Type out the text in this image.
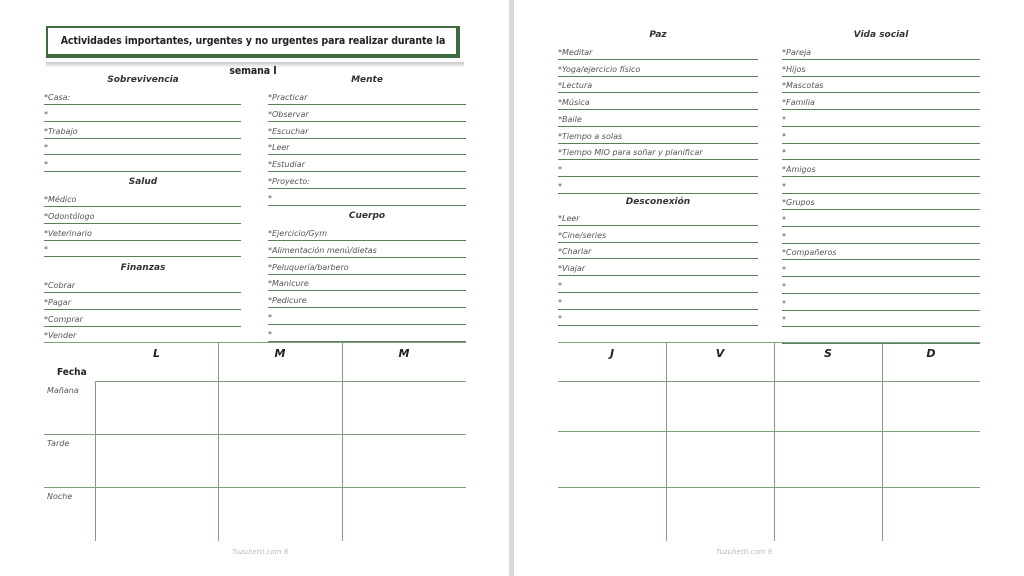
Actividades importantes, urgentes y no urgentes para realizar durante la semana I
Sobrevivencia
Salud
Finanzas
Mente
Cuerpo
*Casa:
*
*Trabajo
*
*
*Médico
*Odontólogo
*Veterinario
*
*Cobrar
*Pagar
*Comprar
*Vender
*Practicar
*Observar
*Escuchar
*Leer
*Estudiar
*Proyecto:
*
*Ejercicio/Gym
*Alimentación menú/dietas
*Peluquería/barbero
*Manicure
*Pedicure
*
*
L	M	M
Fecha
Mañana
Tarde
Noche
Tuzuhetti.com 8
Paz
Desconexión
Vida social
*Meditar
*Yoga/ejercicio físico
*Lectura
*Música
*Baile
*Tiempo a solas
*Tiempo MIO para soñar y planificar
*
*
*Leer
*Cine/series
*Charlar
*Viajar
*
*
*
*Pareja
*Hijos
*Mascotas
*Familia
*
*
*
*Amigos
*
*Grupos
*
*
*Compañeros
*
*
*
*
J	V	S	D
Tuzuhetti.com 9
